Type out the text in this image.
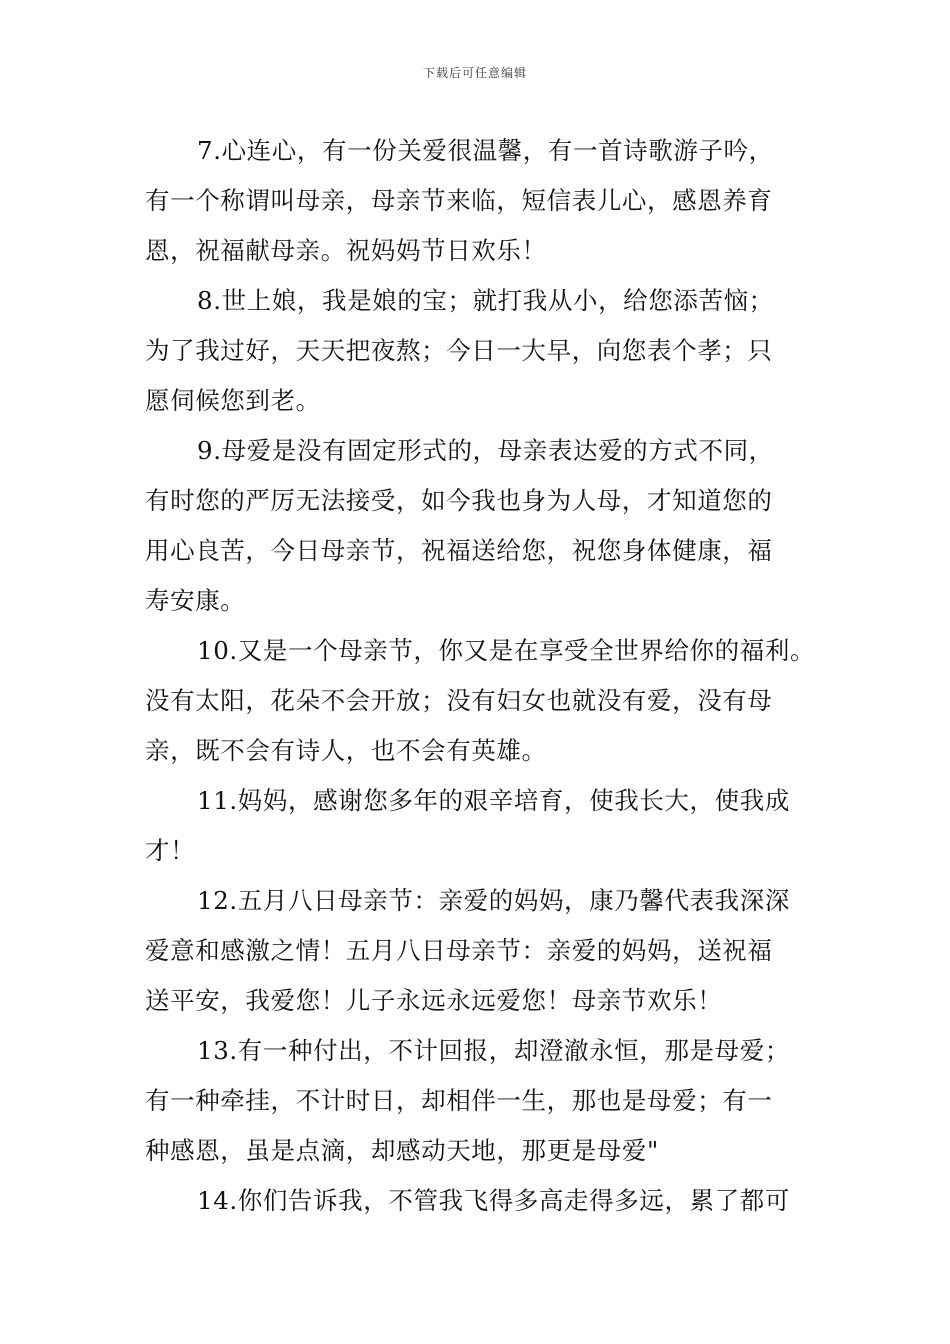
下载后可任意编辑
7.心连心，有一份关爱很温馨，有一首诗歌游子吟，
有一个称谓叫母亲，母亲节来临，短信表儿心，感恩养育
恩，祝福献母亲。祝妈妈节日欢乐！
8.世上娘，我是娘的宝；就打我从小，给您添苦恼；
为了我过好，天天把夜熬；今日一大早，向您表个孝；只
愿伺候您到老。
9.母爱是没有固定形式的，母亲表达爱的方式不同，
有时您的严厉无法接受，如今我也身为人母，才知道您的
用心良苦，今日母亲节，祝福送给您，祝您身体健康，福
寿安康。
10.又是一个母亲节，你又是在享受全世界给你的福利。
没有太阳，花朵不会开放；没有妇女也就没有爱，没有母
亲，既不会有诗人，也不会有英雄。
11.妈妈，感谢您多年的艰辛培育，使我长大，使我成
才！
12.五月八日母亲节：亲爱的妈妈，康乃馨代表我深深
爱意和感激之情！五月八日母亲节：亲爱的妈妈，送祝福
送平安，我爱您！儿子永远永远爱您！母亲节欢乐！
13.有一种付出，不计回报，却澄澈永恒，那是母爱；
有一种牵挂，不计时日，却相伴一生，那也是母爱；有一
种感恩，虽是点滴，却感动天地，那更是母爱"
14.你们告诉我，不管我飞得多高走得多远，累了都可
